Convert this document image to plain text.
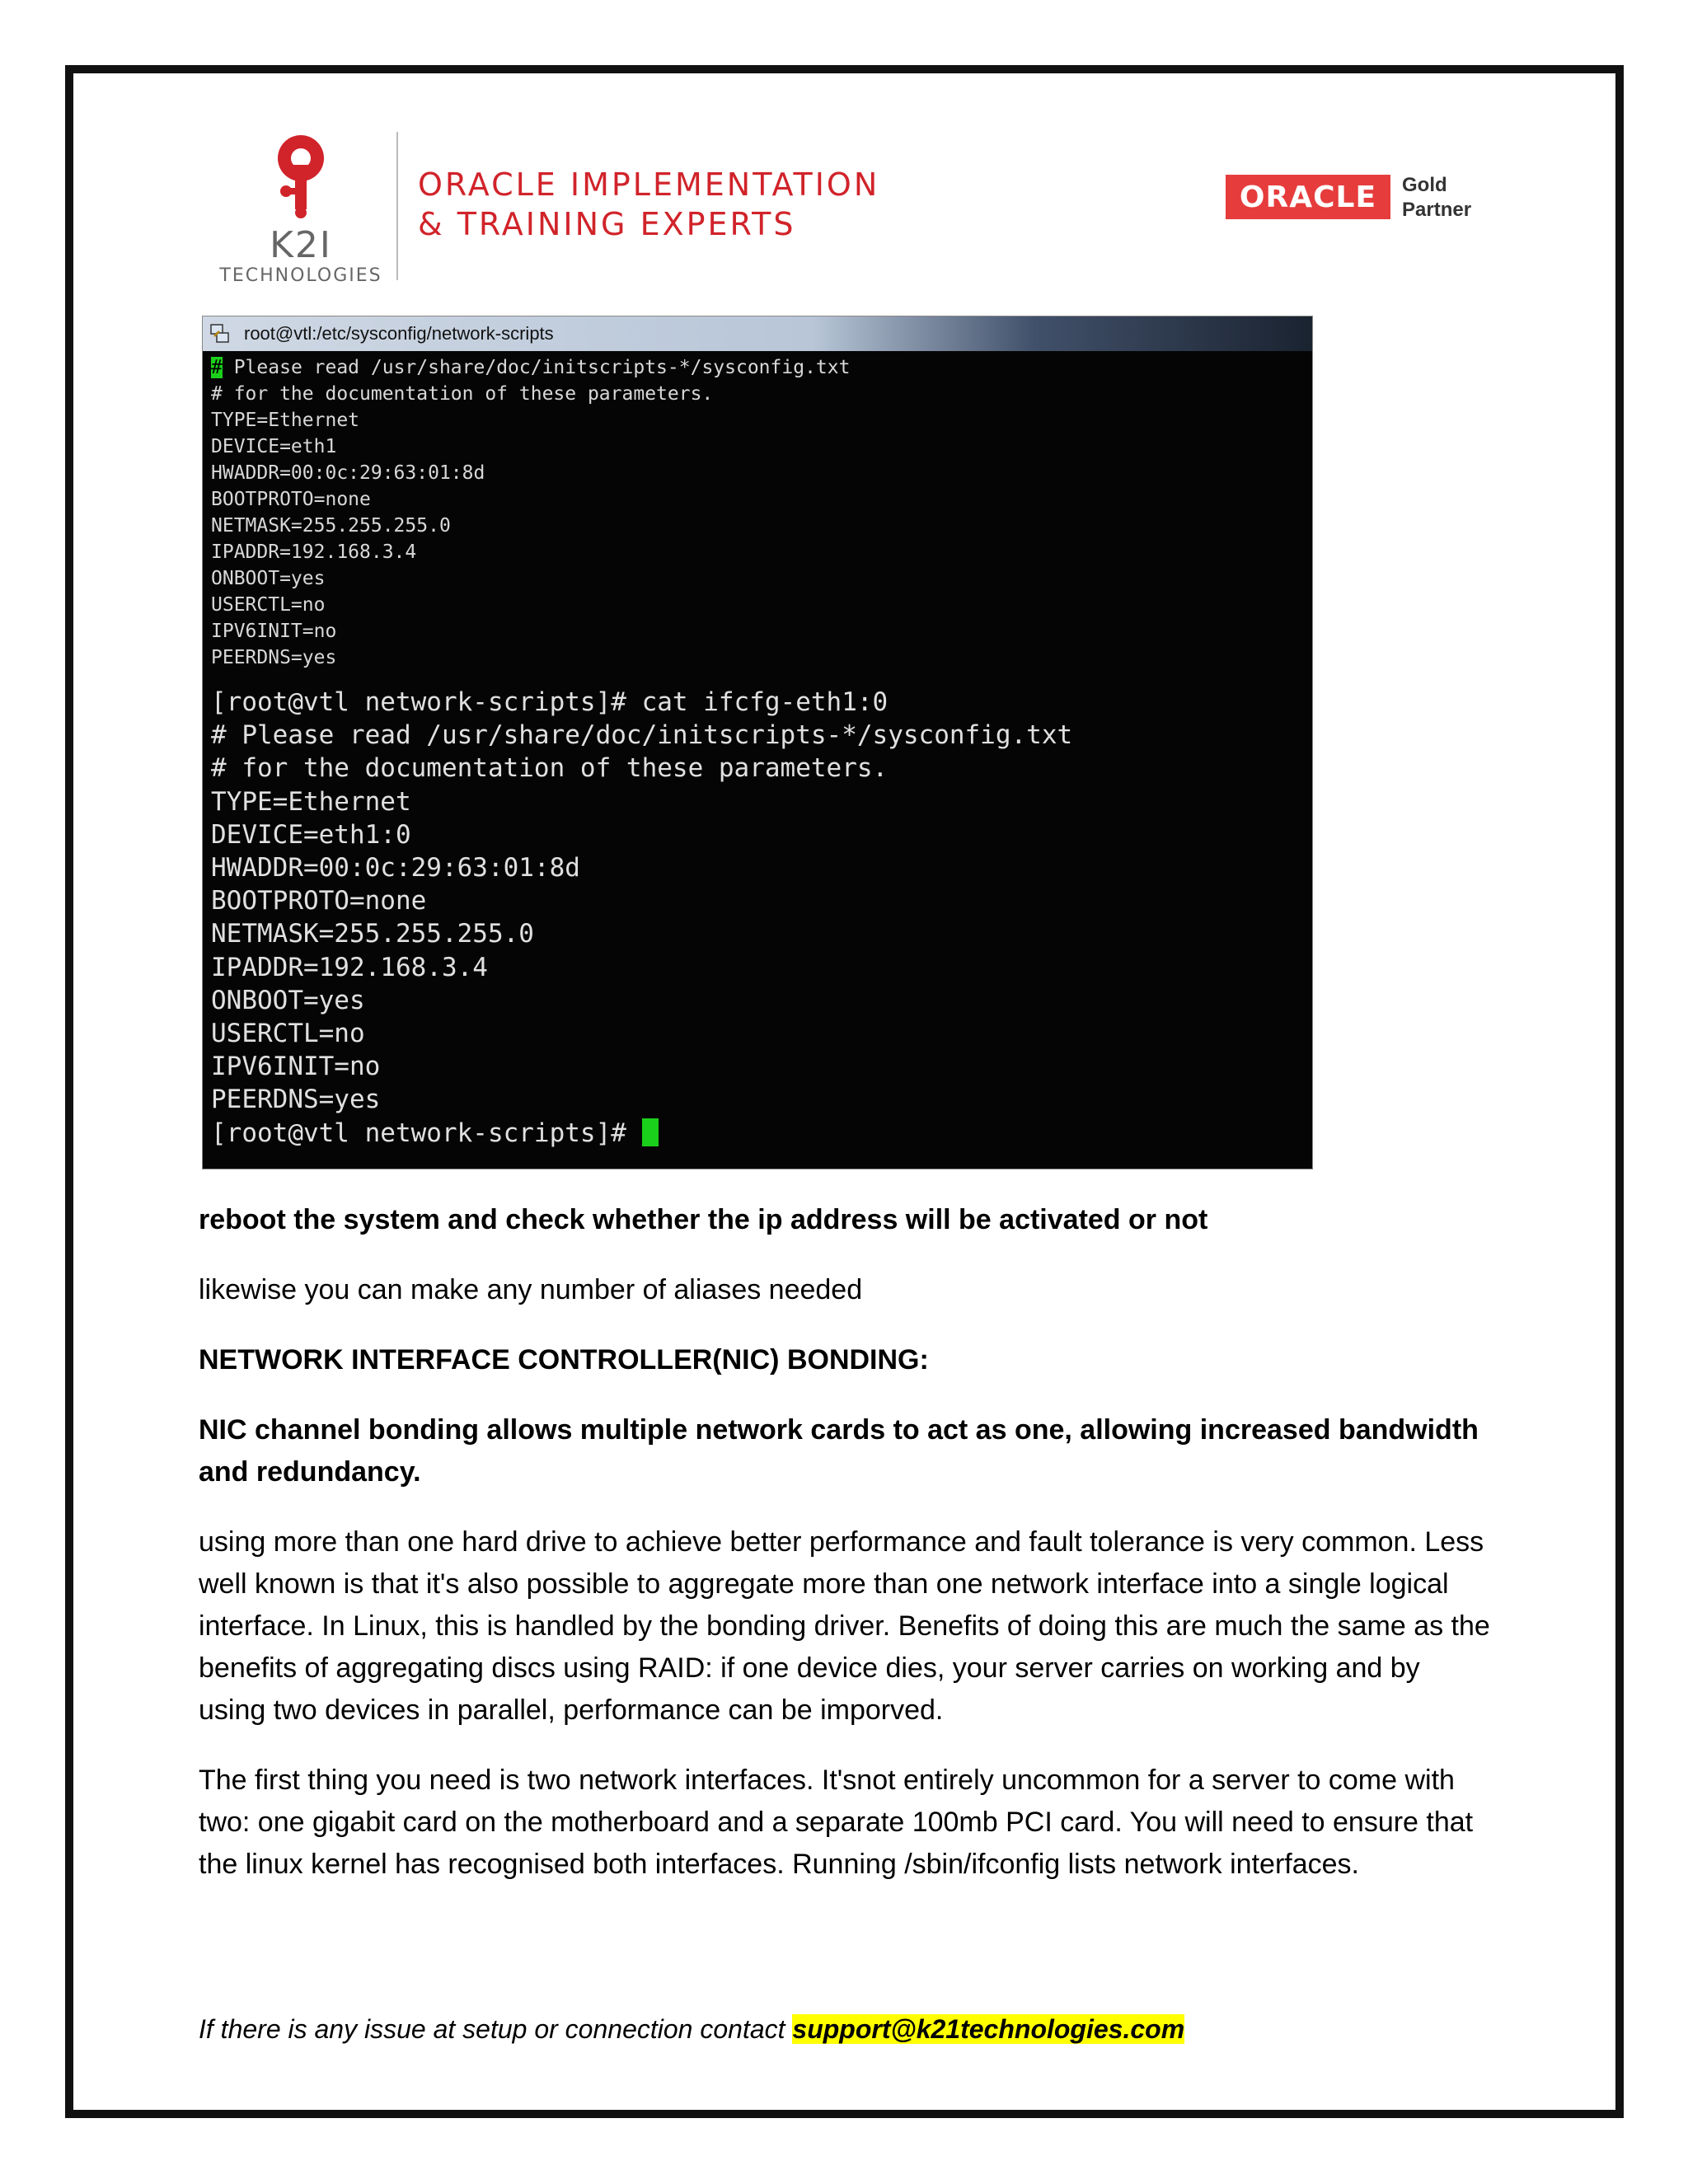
K2I
TECHNOLOGIES
ORACLE IMPLEMENTATION
& TRAINING EXPERTS
ORACLE	Gold
Partner
root@vtl:/etc/sysconfig/network-scripts
# Please read /usr/share/doc/initscripts-*/sysconfig.txt
# for the documentation of these parameters.
TYPE=Ethernet
DEVICE=eth1
HWADDR=00:0c:29:63:01:8d
BOOTPROTO=none
NETMASK=255.255.255.0
IPADDR=192.168.3.4
ONBOOT=yes
USERCTL=no
IPV6INIT=no
PEERDNS=yes
[root@vtl network-scripts]# cat ifcfg-eth1:0
# Please read /usr/share/doc/initscripts-*/sysconfig.txt
# for the documentation of these parameters.
TYPE=Ethernet
DEVICE=eth1:0
HWADDR=00:0c:29:63:01:8d
BOOTPROTO=none
NETMASK=255.255.255.0
IPADDR=192.168.3.4
ONBOOT=yes
USERCTL=no
IPV6INIT=no
PEERDNS=yes
[root@vtl network-scripts]#

reboot the system and check whether the ip address will be activated or not

likewise you can make any number of aliases needed

NETWORK INTERFACE CONTROLLER(NIC) BONDING:

NIC channel bonding allows multiple network cards to act as one, allowing increased bandwidth and redundancy.

using more than one hard drive to achieve better performance and fault tolerance is very common. Less well known is that it's also possible to aggregate more than one network interface into a single logical interface. In Linux, this is handled by the bonding driver. Benefits of doing this are much the same as the benefits of aggregating discs using RAID: if one device dies, your server carries on working and by using two devices in parallel, performance can be imporved.

The first thing you need is two network interfaces. It'snot entirely uncommon for a server to come with two: one gigabit card on the motherboard and a separate 100mb PCI card. You will need to ensure that the linux kernel has recognised both interfaces. Running /sbin/ifconfig lists network interfaces.

If there is any issue at setup or connection contact support@k21technologies.com
